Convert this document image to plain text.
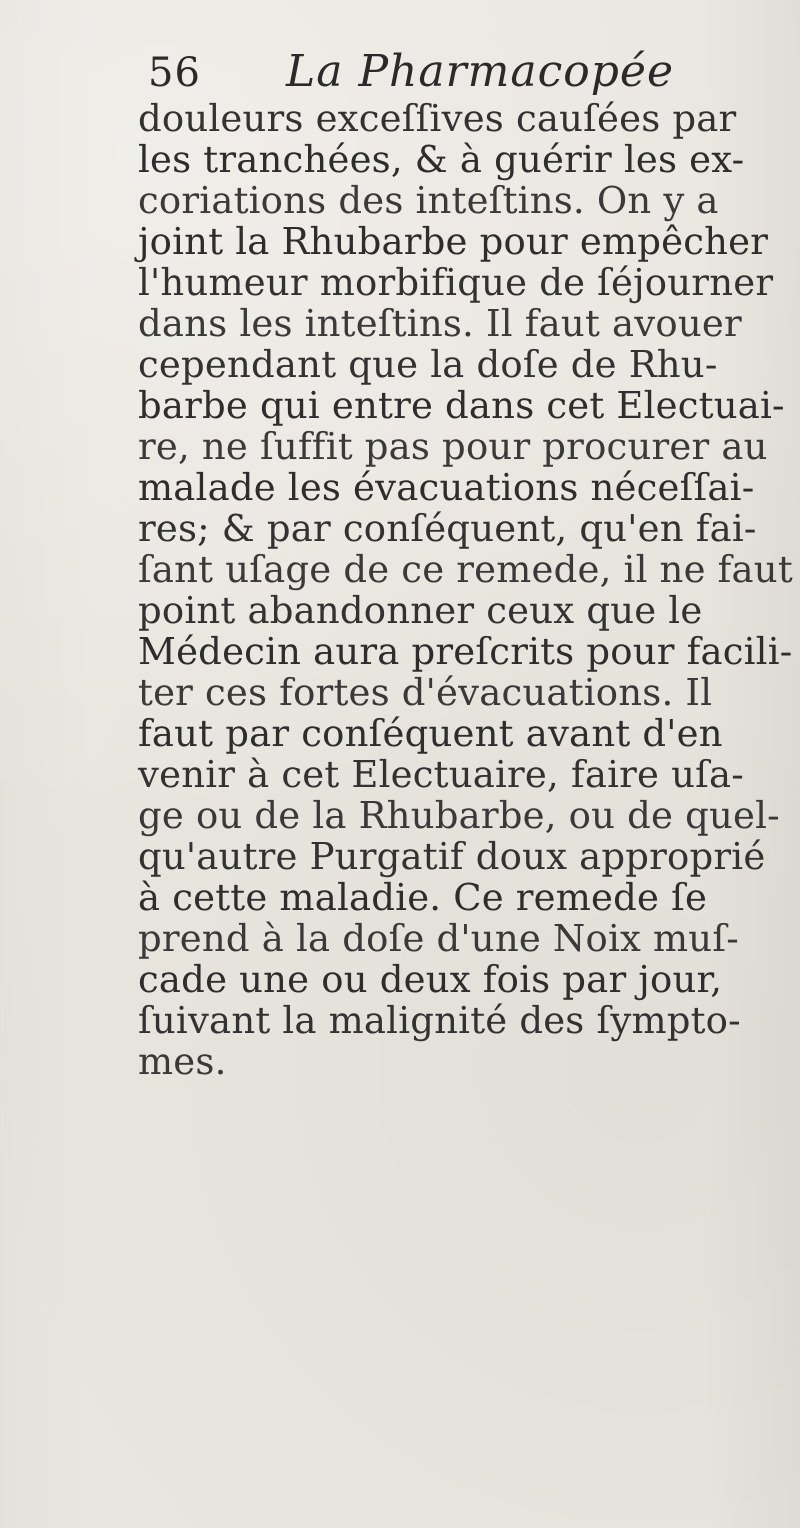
56 La Pharmacopée
douleurs exceſſives cauſées par
les tranchées, & à guérir les ex-
coriations des inteſtins. On y a
joint la Rhubarbe pour empêcher
l'humeur morbifique de ſéjourner
dans les inteſtins. Il faut avouer
cependant que la doſe de Rhu-
barbe qui entre dans cet Electuai-
re, ne ſuffit pas pour procurer au
malade les évacuations néceſſai-
res; & par conſéquent, qu'en fai-
ſant uſage de ce remede, il ne faut
point abandonner ceux que le
Médecin aura preſcrits pour facili-
ter ces fortes d'évacuations. Il
faut par conſéquent avant d'en
venir à cet Electuaire, faire uſa-
ge ou de la Rhubarbe, ou de quel-
qu'autre Purgatif doux approprié
à cette maladie. Ce remede ſe
prend à la doſe d'une Noix muſ-
cade une ou deux fois par jour,
ſuivant la malignité des ſympto-
mes.
